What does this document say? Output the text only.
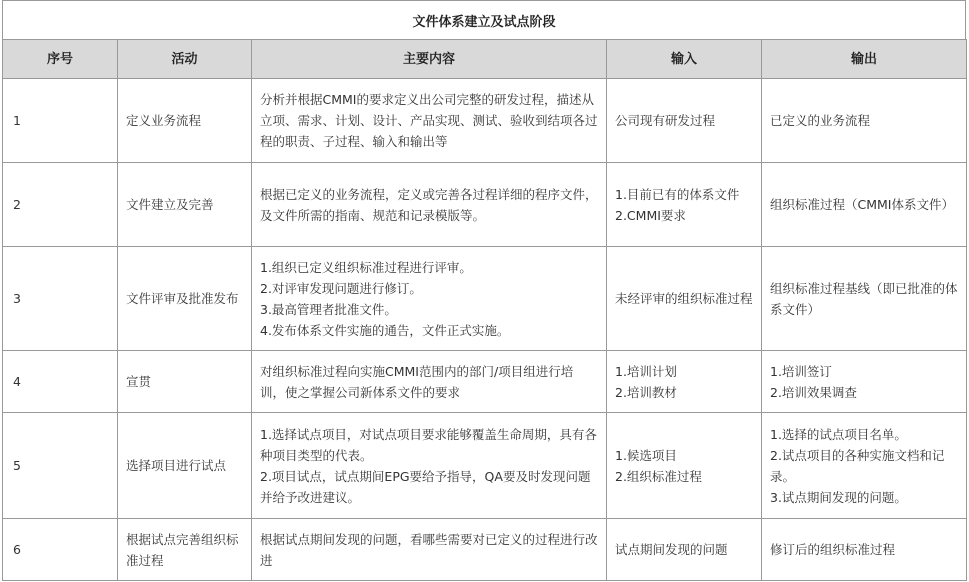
文件体系建立及试点阶段
序号	活动	主要内容	输入	输出
1	定义业务流程	分析并根据CMMI的要求定义出公司完整的研发过程，描述从立项、需求、计划、设计、产品实现、测试、验收到结项各过程的职责、子过程、输入和输出等	公司现有研发过程	已定义的业务流程

2	文件建立及完善	根据已定义的业务流程，定义或完善各过程详细的程序文件，及文件所需的指南、规范和记录模版等。	1.目前已有的体系文件
2.CMMI要求	组织标准过程（CMMI体系文件）

3	文件评审及批准发布	1.组织已定义组织标准过程进行评审。
2.对评审发现问题进行修订。
3.最高管理者批准文件。
4.发布体系文件实施的通告，文件正式实施。	未经评审的组织标准过程	组织标准过程基线（即已批准的体系文件）

4	宣贯	对组织标准过程向实施CMMI范围内的部门/项目组进行培训，使之掌握公司新体系文件的要求	1.培训计划
2.培训教材	1.培训签订
2.培训效果调查

5	选择项目进行试点	1.选择试点项目，对试点项目要求能够覆盖生命周期，具有各种项目类型的代表。
2.项目试点，试点期间EPG要给予指导，QA要及时发现问题并给予改进建议。	1.候选项目
2.组织标准过程	1.选择的试点项目名单。
2.试点项目的各种实施文档和记录。
3.试点期间发现的问题。

6	根据试点完善组织标准过程	根据试点期间发现的问题，看哪些需要对已定义的过程进行改进	试点期间发现的问题	修订后的组织标准过程
